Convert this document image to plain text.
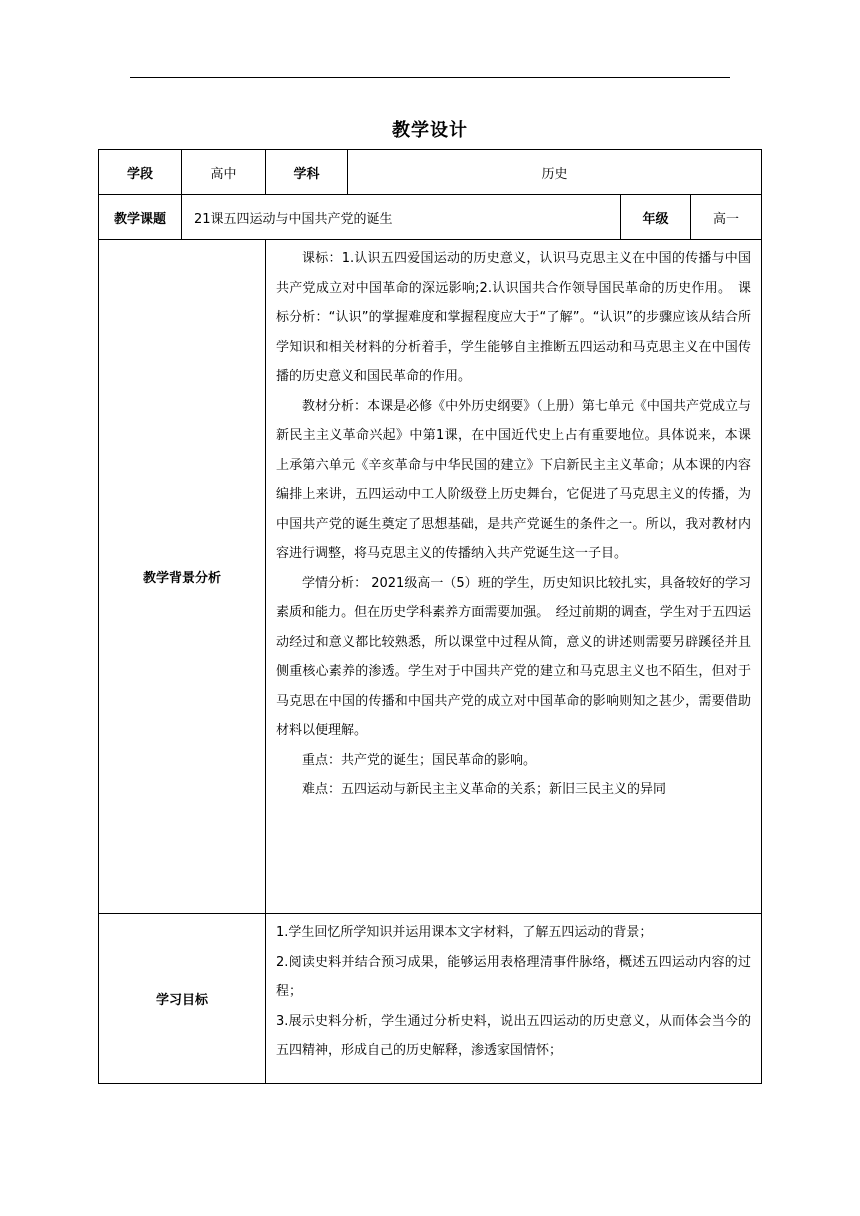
教学设计
学段	高中	学科	历史		
教学课题	21课五四运动与中国共产党的诞生			年级	高一
教学背景分析		课标：1.认识五四爱国运动的历史意义，认识马克思主义在中国的传播与中国共产党成立对中国革命的深远影响;2.认识国共合作领导国民革命的历史作用。　课标分析：“认识”的掌握难度和掌握程度应大于“了解”。“认识”的步骤应该从结合所学知识和相关材料的分析着手，学生能够自主推断五四运动和马克思主义在中国传播的历史意义和国民革命的作用。

教材分析：本课是必修《中外历史纲要》（上册）第七单元《中国共产党成立与新民主主义革命兴起》中第1课，在中国近代史上占有重要地位。具体说来，本课上承第六单元《辛亥革命与中华民国的建立》下启新民主主义革命；从本课的内容编排上来讲，五四运动中工人阶级登上历史舞台，它促进了马克思主义的传播，为中国共产党的诞生奠定了思想基础，是共产党诞生的条件之一。所以，我对教材内容进行调整，将马克思主义的传播纳入共产党诞生这一子目。

学情分析： 2021级高一（5）班的学生，历史知识比较扎实，具备较好的学习素质和能力。但在历史学科素养方面需要加强。　经过前期的调查，学生对于五四运动经过和意义都比较熟悉，所以课堂中过程从简，意义的讲述则需要另辟蹊径并且侧重核心素养的渗透。学生对于中国共产党的建立和马克思主义也不陌生，但对于马克思在中国的传播和中国共产党的成立对中国革命的影响则知之甚少，需要借助材料以便理解。

重点：共产党的诞生；国民革命的影响。

难点：五四运动与新民主主义革命的关系；新旧三民主义的异同			

学习目标		1.学生回忆所学知识并运用课本文字材料，了解五四运动的背景；

2.阅读史料并结合预习成果，能够运用表格理清事件脉络，概述五四运动内容的过程；

3.展示史料分析，学生通过分析史料，说出五四运动的历史意义，从而体会当今的五四精神，形成自己的历史解释，渗透家国情怀；			
